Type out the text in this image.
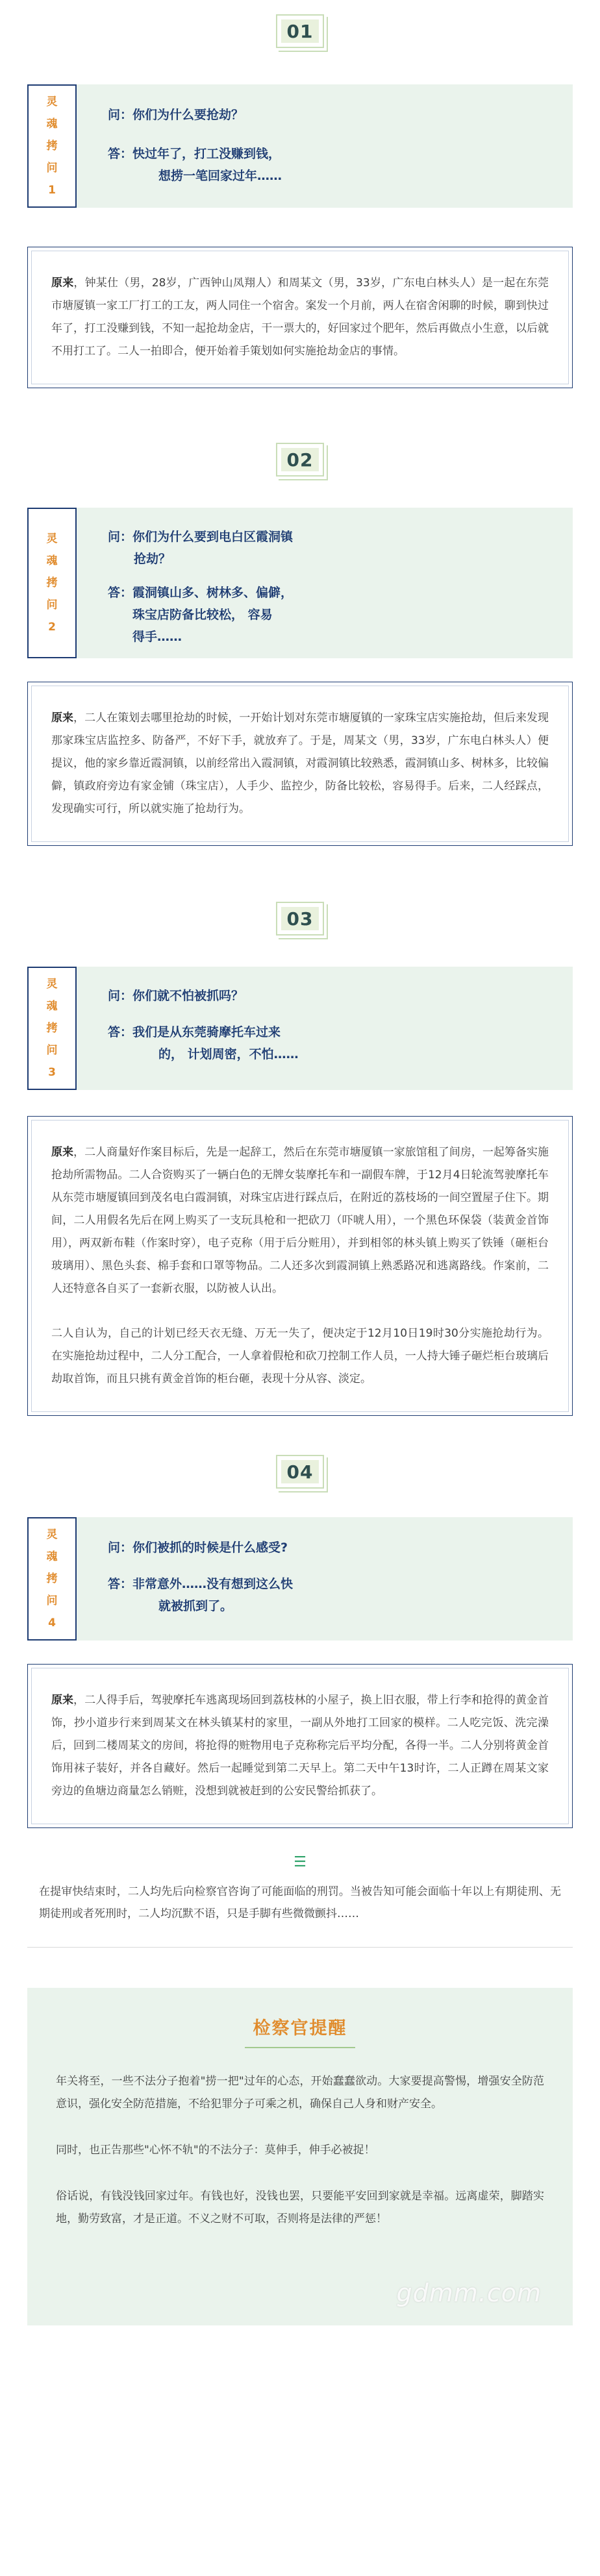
01
灵
魂
拷
问
1
问：你们为什么要抢劫？
答： 快过年了，打工没赚到钱，
想捞一笔回家过年……

原来，钟某仕（男，28岁，广西钟山凤翔人）和周某文（男，33岁，广东电白林头人）是一起在东莞市塘厦镇一家工厂打工的工友，两人同住一个宿舍。案发一个月前，两人在宿舍闲聊的时候，聊到快过年了，打工没赚到钱，不知一起抢劫金店，干一票大的，好回家过个肥年，然后再做点小生意，以后就不用打工了。二人一拍即合，便开始着手策划如何实施抢劫金店的事情。

02
灵
魂
拷
问
2
问：你们为什么要到电白区霞洞镇
抢劫？
答： 霞洞镇山多、树林多、偏僻，
珠宝店防备比较松， 容易
得手……

原来，二人在策划去哪里抢劫的时候，一开始计划对东莞市塘厦镇的一家珠宝店实施抢劫，但后来发现那家珠宝店监控多、防备严，不好下手，就放弃了。于是，周某文（男，33岁，广东电白林头人）便提议，他的家乡靠近霞洞镇，以前经常出入霞洞镇，对霞洞镇比较熟悉，霞洞镇山多、树林多，比较偏僻，镇政府旁边有家金铺（珠宝店），人手少、监控少，防备比较松，容易得手。后来，二人经踩点，发现确实可行，所以就实施了抢劫行为。

03
灵
魂
拷
问
3
问：你们就不怕被抓吗？
答： 我们是从东莞骑摩托车过来
的， 计划周密，不怕……

原来，二人商量好作案目标后，先是一起辞工，然后在东莞市塘厦镇一家旅馆租了间房，一起筹备实施抢劫所需物品。二人合资购买了一辆白色的无牌女装摩托车和一副假车牌，于12月4日轮流驾驶摩托车从东莞市塘厦镇回到茂名电白霞洞镇，对珠宝店进行踩点后，在附近的荔枝场的一间空置屋子住下。期间，二人用假名先后在网上购买了一支玩具枪和一把砍刀（吓唬人用），一个黑色环保袋（装黄金首饰用），两双新布鞋（作案时穿），电子克称（用于后分赃用），并到相邻的林头镇上购买了铁锤（砸柜台玻璃用）、黑色头套、棉手套和口罩等物品。二人还多次到霞洞镇上熟悉路况和逃离路线。作案前，二人还特意各自买了一套新衣服，以防被人认出。

二人自认为，自己的计划已经天衣无缝、万无一失了，便决定于12月10日19时30分实施抢劫行为。在实施抢劫过程中，二人分工配合，一人拿着假枪和砍刀控制工作人员，一人持大锤子砸烂柜台玻璃后劫取首饰，而且只挑有黄金首饰的柜台砸，表现十分从容、淡定。

04
灵
魂
拷
问
4
问：你们被抓的时候是什么感受?
答： 非常意外……没有想到这么快
就被抓到了。

原来，二人得手后，驾驶摩托车逃离现场回到荔枝林的小屋子，换上旧衣服，带上行李和抢得的黄金首饰，抄小道步行来到周某文在林头镇某村的家里，一副从外地打工回家的模样。二人吃完饭、洗完澡后，回到二楼周某文的房间，将抢得的赃物用电子克称称完后平均分配，各得一半。二人分别将黄金首饰用袜子装好，并各自藏好。然后一起睡觉到第二天早上。第二天中午13时许，二人正蹲在周某文家旁边的鱼塘边商量怎么销赃，没想到就被赶到的公安民警给抓获了。

☰
在提审快结束时，二人均先后向检察官咨询了可能面临的刑罚。当被告知可能会面临十年以上有期徒刑、无期徒刑或者死刑时，二人均沉默不语，只是手脚有些微微颤抖……
检察官提醒

年关将至，一些不法分子抱着"捞一把"过年的心态，开始蠢蠢欲动。大家要提高警惕，增强安全防范意识，强化安全防范措施，不给犯罪分子可乘之机，确保自己人身和财产安全。

同时，也正告那些"心怀不轨"的不法分子：莫伸手，伸手必被捉！

俗话说，有钱没钱回家过年。有钱也好，没钱也罢，只要能平安回到家就是幸福。远离虚荣，脚踏实地，勤劳致富，才是正道。不义之财不可取，否则将是法律的严惩！

gdmm.com
